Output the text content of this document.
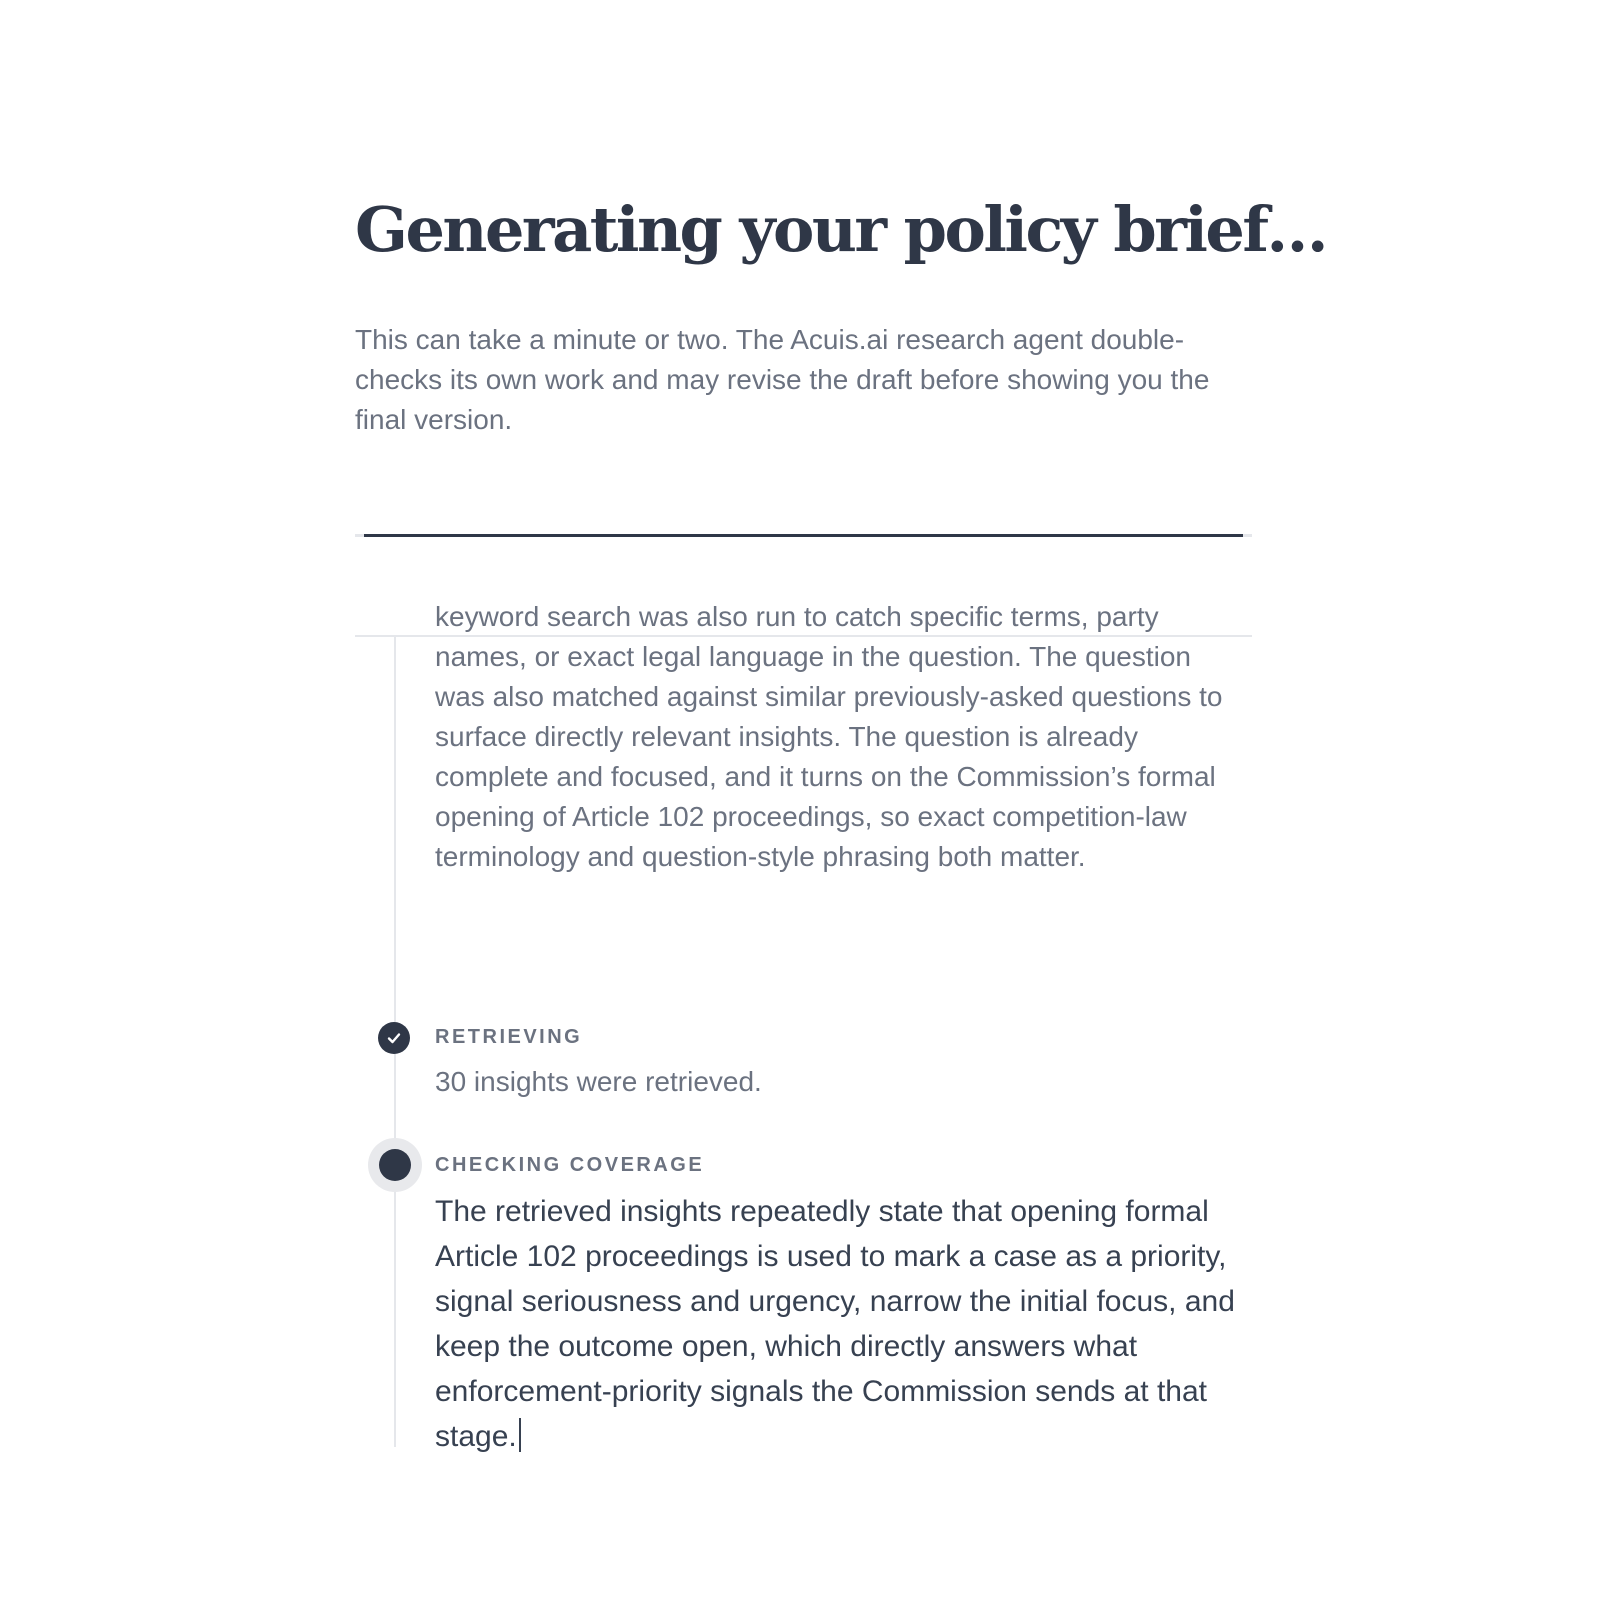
Generating your policy brief…

This can take a minute or two. The Acuis.ai research agent double-checks its own work and may revise the draft before showing you the final version.

keyword search was also run to catch specific terms, party names, or exact legal language in the question. The question was also matched against similar previously-asked questions to surface directly relevant insights. The question is already complete and focused, and it turns on the Commission’s formal opening of Article 102 proceedings, so exact competition-law terminology and question-style phrasing both matter.

RETRIEVING

30 insights were retrieved.

CHECKING COVERAGE

The retrieved insights repeatedly state that opening formal Article 102 proceedings is used to mark a case as a priority, signal seriousness and urgency, narrow the initial focus, and keep the outcome open, which directly answers what enforcement-priority signals the Commission sends at that stage.
